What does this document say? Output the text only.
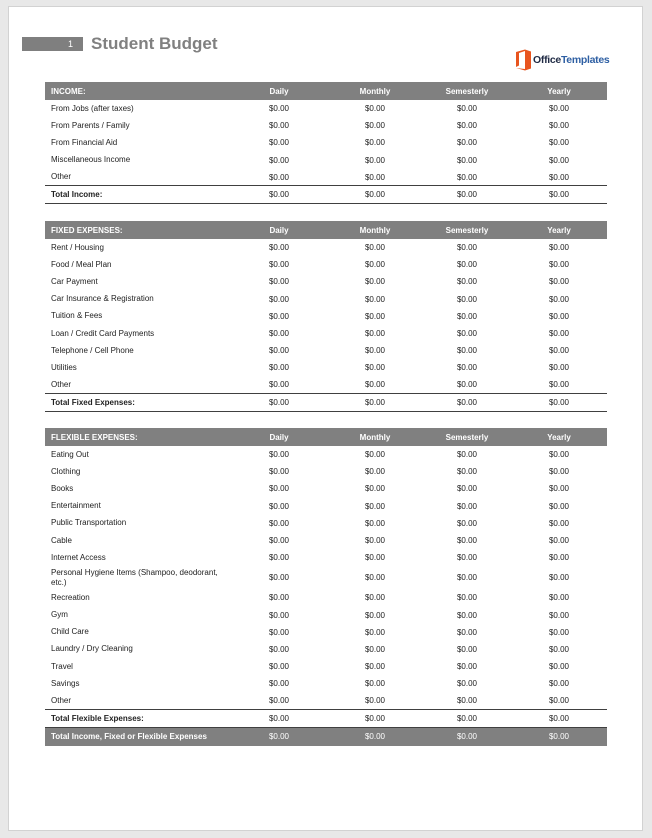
1	Student Budget
OfficeTemplates
INCOME:	Daily	Monthly	Semesterly	Yearly
From Jobs (after taxes)	$0.00	$0.00	$0.00	$0.00
From Parents / Family	$0.00	$0.00	$0.00	$0.00
From Financial Aid	$0.00	$0.00	$0.00	$0.00
Miscellaneous Income	$0.00	$0.00	$0.00	$0.00
Other	$0.00	$0.00	$0.00	$0.00
Total Income:	$0.00	$0.00	$0.00	$0.00
FIXED EXPENSES:	Daily	Monthly	Semesterly	Yearly
Rent / Housing	$0.00	$0.00	$0.00	$0.00
Food / Meal Plan	$0.00	$0.00	$0.00	$0.00
Car Payment	$0.00	$0.00	$0.00	$0.00
Car Insurance & Registration	$0.00	$0.00	$0.00	$0.00
Tuition & Fees	$0.00	$0.00	$0.00	$0.00
Loan / Credit Card Payments	$0.00	$0.00	$0.00	$0.00
Telephone / Cell Phone	$0.00	$0.00	$0.00	$0.00
Utilities	$0.00	$0.00	$0.00	$0.00
Other	$0.00	$0.00	$0.00	$0.00
Total Fixed Expenses:	$0.00	$0.00	$0.00	$0.00
FLEXIBLE EXPENSES:	Daily	Monthly	Semesterly	Yearly
Eating Out	$0.00	$0.00	$0.00	$0.00
Clothing	$0.00	$0.00	$0.00	$0.00
Books	$0.00	$0.00	$0.00	$0.00
Entertainment	$0.00	$0.00	$0.00	$0.00
Public Transportation	$0.00	$0.00	$0.00	$0.00
Cable	$0.00	$0.00	$0.00	$0.00
Internet Access	$0.00	$0.00	$0.00	$0.00
Personal Hygiene Items (Shampoo, deodorant, etc.)	$0.00	$0.00	$0.00	$0.00
Recreation	$0.00	$0.00	$0.00	$0.00
Gym	$0.00	$0.00	$0.00	$0.00
Child Care	$0.00	$0.00	$0.00	$0.00
Laundry / Dry Cleaning	$0.00	$0.00	$0.00	$0.00
Travel	$0.00	$0.00	$0.00	$0.00
Savings	$0.00	$0.00	$0.00	$0.00
Other	$0.00	$0.00	$0.00	$0.00
Total Flexible Expenses:	$0.00	$0.00	$0.00	$0.00
Total Income, Fixed or Flexible Expenses	$0.00	$0.00	$0.00	$0.00
